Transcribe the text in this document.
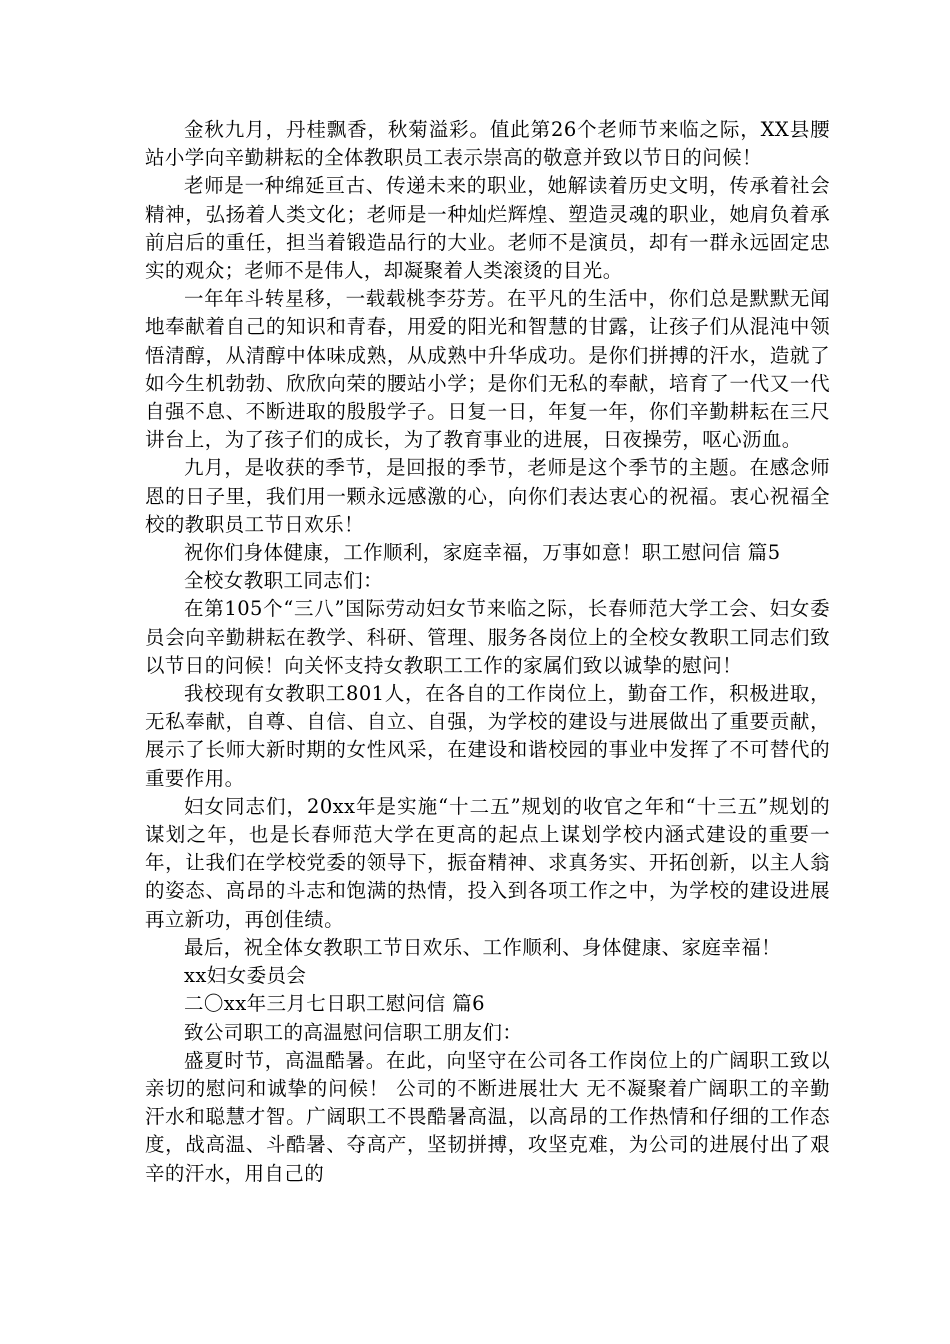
金秋九月，丹桂飘香，秋菊溢彩。值此第26个老师节来临之际，XX县腰站小学向辛勤耕耘的全体教职员工表示崇高的敬意并致以节日的问候！

老师是一种绵延亘古、传递未来的职业，她解读着历史文明，传承着社会精神，弘扬着人类文化；老师是一种灿烂辉煌、塑造灵魂的职业，她肩负着承前启后的重任，担当着锻造品行的大业。老师不是演员，却有一群永远固定忠实的观众；老师不是伟人，却凝聚着人类滚烫的目光。

一年年斗转星移，一载载桃李芬芳。在平凡的生活中，你们总是默默无闻地奉献着自己的知识和青春，用爱的阳光和智慧的甘露，让孩子们从混沌中领悟清醇，从清醇中体味成熟，从成熟中升华成功。是你们拼搏的汗水，造就了如今生机勃勃、欣欣向荣的腰站小学；是你们无私的奉献，培育了一代又一代自强不息、不断进取的殷殷学子。日复一日，年复一年，你们辛勤耕耘在三尺讲台上，为了孩子们的成长，为了教育事业的进展，日夜操劳，呕心沥血。

九月，是收获的季节，是回报的季节，老师是这个季节的主题。在感念师恩的日子里，我们用一颗永远感激的心，向你们表达衷心的祝福。衷心祝福全校的教职员工节日欢乐！

祝你们身体健康，工作顺利，家庭幸福，万事如意！职工慰问信 篇5

全校女教职工同志们：

在第105个“三八”国际劳动妇女节来临之际，长春师范大学工会、妇女委员会向辛勤耕耘在教学、科研、管理、服务各岗位上的全校女教职工同志们致以节日的问候！向关怀支持女教职工工作的家属们致以诚挚的慰问！

我校现有女教职工801人，在各自的工作岗位上，勤奋工作，积极进取，无私奉献，自尊、自信、自立、自强，为学校的建设与进展做出了重要贡献，展示了长师大新时期的女性风采，在建设和谐校园的事业中发挥了不可替代的重要作用。

妇女同志们，20xx年是实施“十二五”规划的收官之年和“十三五”规划的谋划之年，也是长春师范大学在更高的起点上谋划学校内涵式建设的重要一年，让我们在学校党委的领导下，振奋精神、求真务实、开拓创新，以主人翁的姿态、高昂的斗志和饱满的热情，投入到各项工作之中，为学校的建设进展再立新功，再创佳绩。

最后，祝全体女教职工节日欢乐、工作顺利、身体健康、家庭幸福！

xx妇女委员会

二〇xx年三月七日职工慰问信 篇6

致公司职工的高温慰问信职工朋友们：

盛夏时节，高温酷暑。在此，向坚守在公司各工作岗位上的广阔职工致以亲切的慰问和诚挚的问候！ 公司的不断进展壮大 无不凝聚着广阔职工的辛勤汗水和聪慧才智。广阔职工不畏酷暑高温，以高昂的工作热情和仔细的工作态度，战高温、斗酷暑、夺高产，坚韧拼搏，攻坚克难，为公司的进展付出了艰辛的汗水，用自己的
